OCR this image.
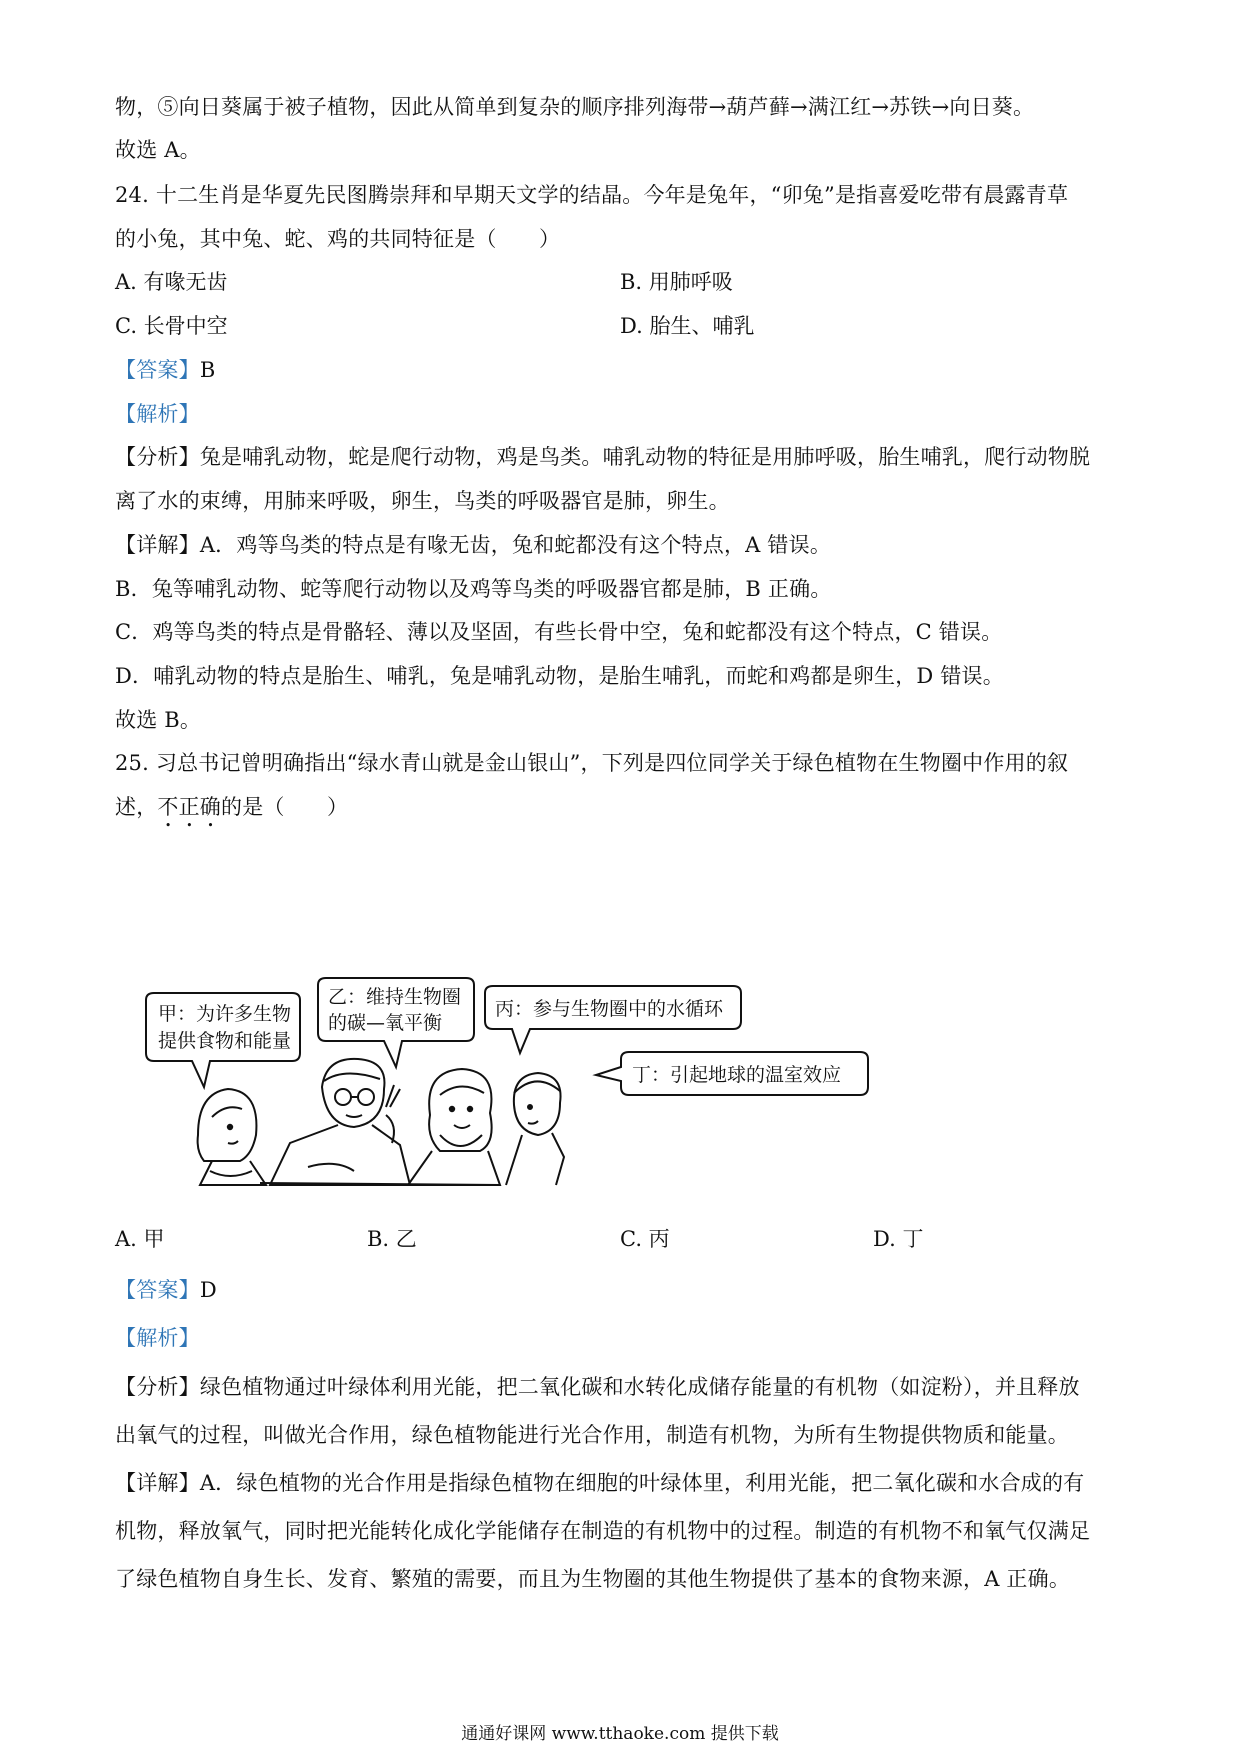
物，⑤向日葵属于被子植物，因此从简单到复杂的顺序排列海带→葫芦藓→满江红→苏铁→向日葵。
故选 A。
24. 十二生肖是华夏先民图腾崇拜和早期天文学的结晶。今年是兔年，“卯兔”是指喜爱吃带有晨露青草
的小兔，其中兔、蛇、鸡的共同特征是（　　）
A. 有喙无齿	B. 用肺呼吸
C. 长骨中空	D. 胎生、哺乳
【答案】B
【解析】
【分析】兔是哺乳动物，蛇是爬行动物，鸡是鸟类。哺乳动物的特征是用肺呼吸，胎生哺乳，爬行动物脱
离了水的束缚，用肺来呼吸，卵生，鸟类的呼吸器官是肺，卵生。
【详解】A．鸡等鸟类的特点是有喙无齿，兔和蛇都没有这个特点，A 错误。
B．兔等哺乳动物、蛇等爬行动物以及鸡等鸟类的呼吸器官都是肺，B 正确。
C．鸡等鸟类的特点是骨骼轻、薄以及坚固，有些长骨中空，兔和蛇都没有这个特点，C 错误。
D．哺乳动物的特点是胎生、哺乳，兔是哺乳动物，是胎生哺乳，而蛇和鸡都是卵生，D 错误。
故选 B。
25. 习总书记曾明确指出“绿水青山就是金山银山”，下列是四位同学关于绿色植物在生物圈中作用的叙
述，不正确的是（　　）
甲：为许多生物
提供食物和能量
乙：维持生物圈
的碳—氧平衡
丙：参与生物圈中的水循环
丁：引起地球的温室效应
A. 甲	B. 乙	C. 丙	D. 丁
【答案】D
【解析】
【分析】绿色植物通过叶绿体利用光能，把二氧化碳和水转化成储存能量的有机物（如淀粉），并且释放
出氧气的过程，叫做光合作用，绿色植物能进行光合作用，制造有机物，为所有生物提供物质和能量。
【详解】A．绿色植物的光合作用是指绿色植物在细胞的叶绿体里，利用光能，把二氧化碳和水合成的有
机物，释放氧气，同时把光能转化成化学能储存在制造的有机物中的过程。制造的有机物不和氧气仅满足
了绿色植物自身生长、发育、繁殖的需要，而且为生物圈的其他生物提供了基本的食物来源，A 正确。
通通好课网 www.tthaoke.com 提供下载
